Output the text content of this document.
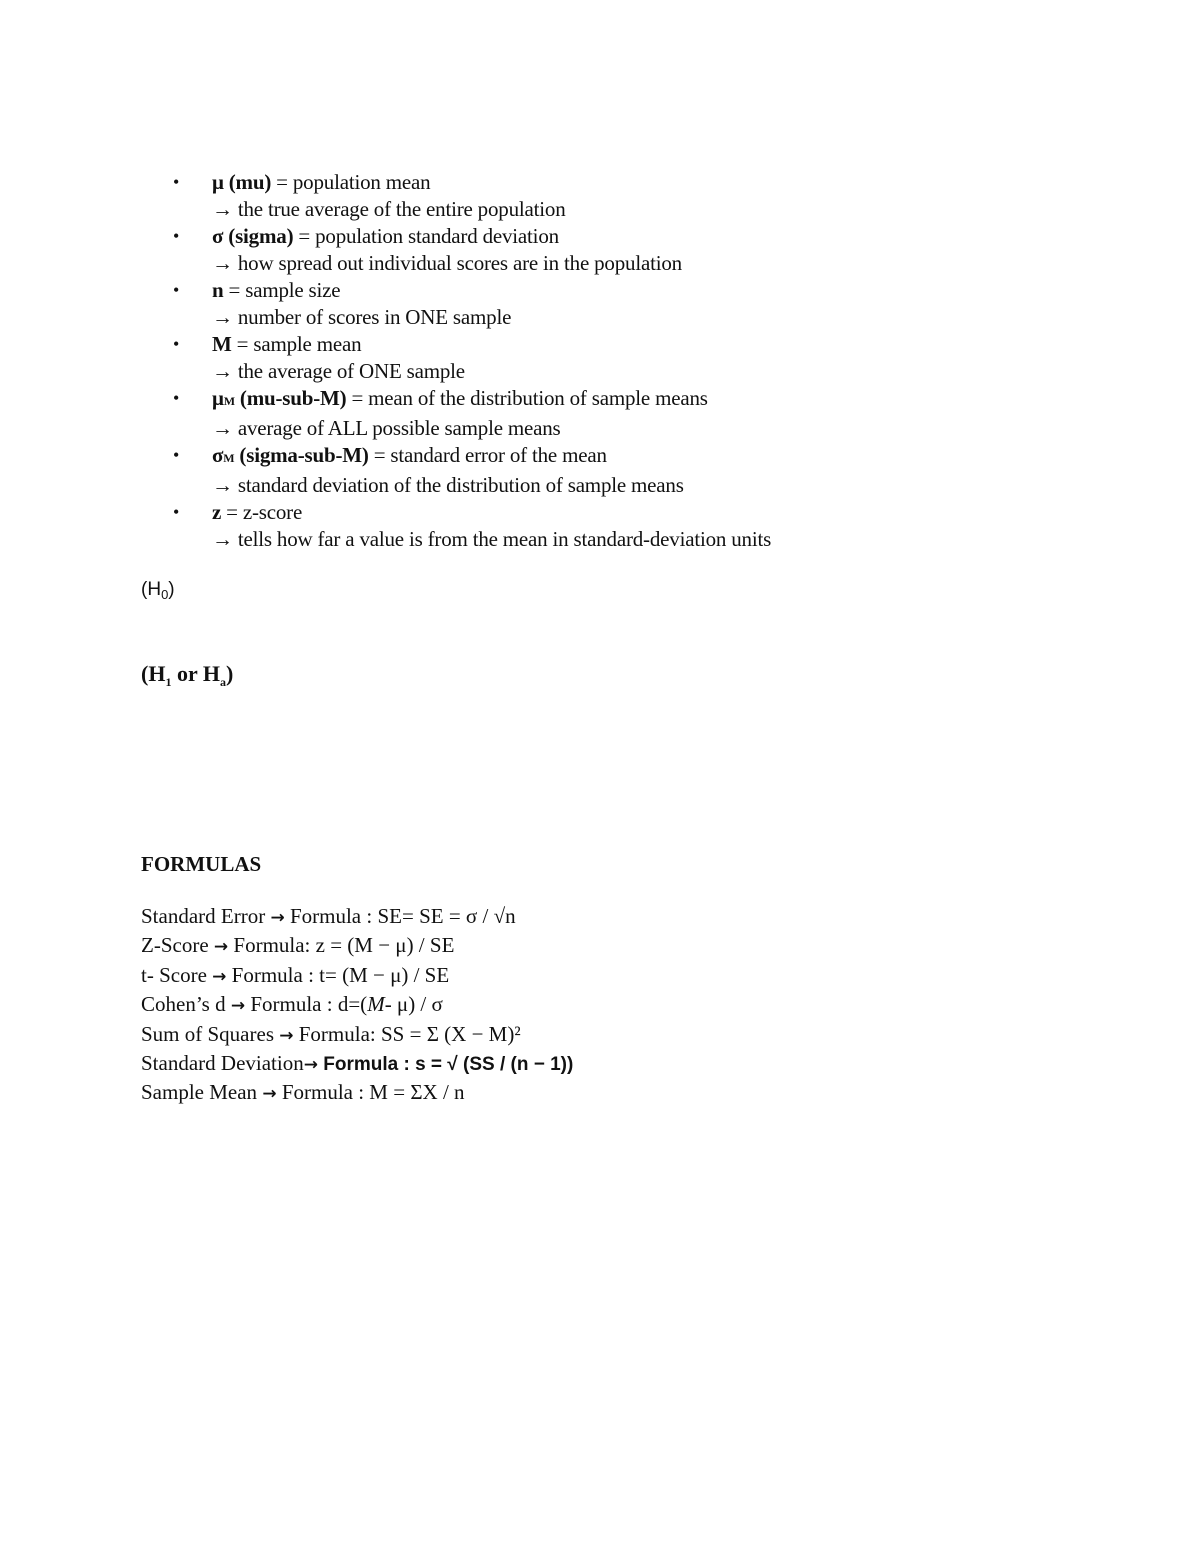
• μ (mu) = population mean
→ the true average of the entire population
• σ (sigma) = population standard deviation
→ how spread out individual scores are in the population
• n = sample size
→ number of scores in ONE sample
• M = sample mean
→ the average of ONE sample
• μM (mu-sub-M) = mean of the distribution of sample means
→ average of ALL possible sample means
• σM (sigma-sub-M) = standard error of the mean
→ standard deviation of the distribution of sample means
• z = z-score
→ tells how far a value is from the mean in standard-deviation units

$(H_0)$

($H_1$ or $H_a$)

FORMULAS
Standard Error → Formula : SE= SE = σ / √n
Z-Score → Formula: z = (M − μ) / SE
t- Score → Formula : t= (M − μ) / SE
Cohen’s d → Formula : d=(M- μ) / σ
Sum of Squares → Formula: SS = Σ (X − M)²
Standard Deviation→ Formula : s = √ (SS / (n − 1))
Sample Mean → Formula : M = ΣX / n
